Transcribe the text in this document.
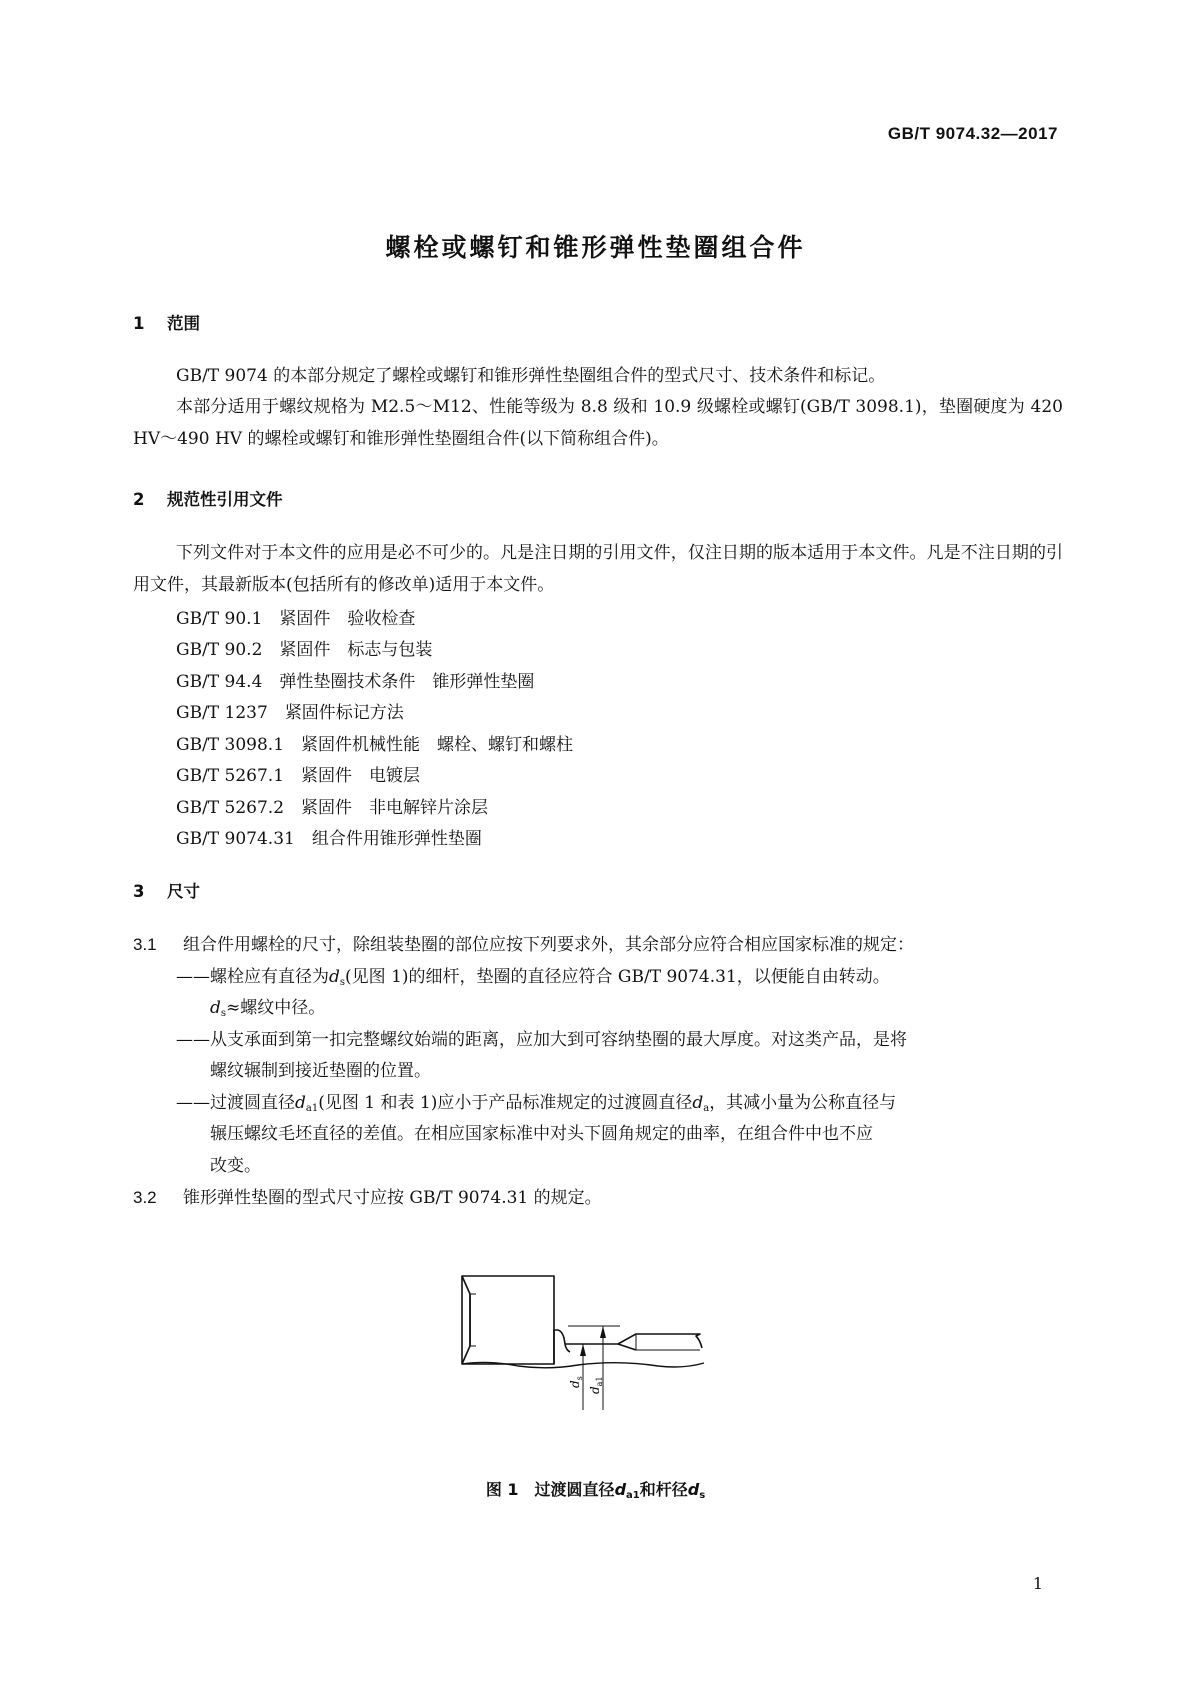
GB/T 9074.32—2017
螺栓或螺钉和锥形弹性垫圈组合件
1 范围
GB/T 9074 的本部分规定了螺栓或螺钉和锥形弹性垫圈组合件的型式尺寸、技术条件和标记。
本部分适用于螺纹规格为 M2.5～M12、性能等级为 8.8 级和 10.9 级螺栓或螺钉(GB/T 3098.1)，垫圈硬度为 420 HV～490 HV 的螺栓或螺钉和锥形弹性垫圈组合件(以下简称组合件)。
2 规范性引用文件
下列文件对于本文件的应用是必不可少的。凡是注日期的引用文件，仅注日期的版本适用于本文件。凡是不注日期的引用文件，其最新版本(包括所有的修改单)适用于本文件。
GB/T 90.1 紧固件　验收检查
GB/T 90.2 紧固件　标志与包装
GB/T 94.4 弹性垫圈技术条件　锥形弹性垫圈
GB/T 1237 紧固件标记方法
GB/T 3098.1 紧固件机械性能　螺栓、螺钉和螺柱
GB/T 5267.1 紧固件　电镀层
GB/T 5267.2 紧固件　非电解锌片涂层
GB/T 9074.31 组合件用锥形弹性垫圈
3 尺寸
3.1 组合件用螺栓的尺寸，除组装垫圈的部位应按下列要求外，其余部分应符合相应国家标准的规定：
——螺栓应有直径为$d_s$(见图 1)的细杆，垫圈的直径应符合 GB/T 9074.31，以便能自由转动。
$d_s\approx$螺纹中径。
——从支承面到第一扣完整螺纹始端的距离，应加大到可容纳垫圈的最大厚度。对这类产品，是将
螺纹辗制到接近垫圈的位置。
——过渡圆直径$d_{a1}$(见图 1 和表 1)应小于产品标准规定的过渡圆直径$d_a$，其减小量为公称直径与
辗压螺纹毛坯直径的差值。在相应国家标准中对头下圆角规定的曲率，在组合件中也不应
改变。
3.2 锥形弹性垫圈的型式尺寸应按 GB/T 9074.31 的规定。
$d_s$
$d_{a1}$
图 1　过渡圆直径$d_{a1}$和杆径$d_s$
1
